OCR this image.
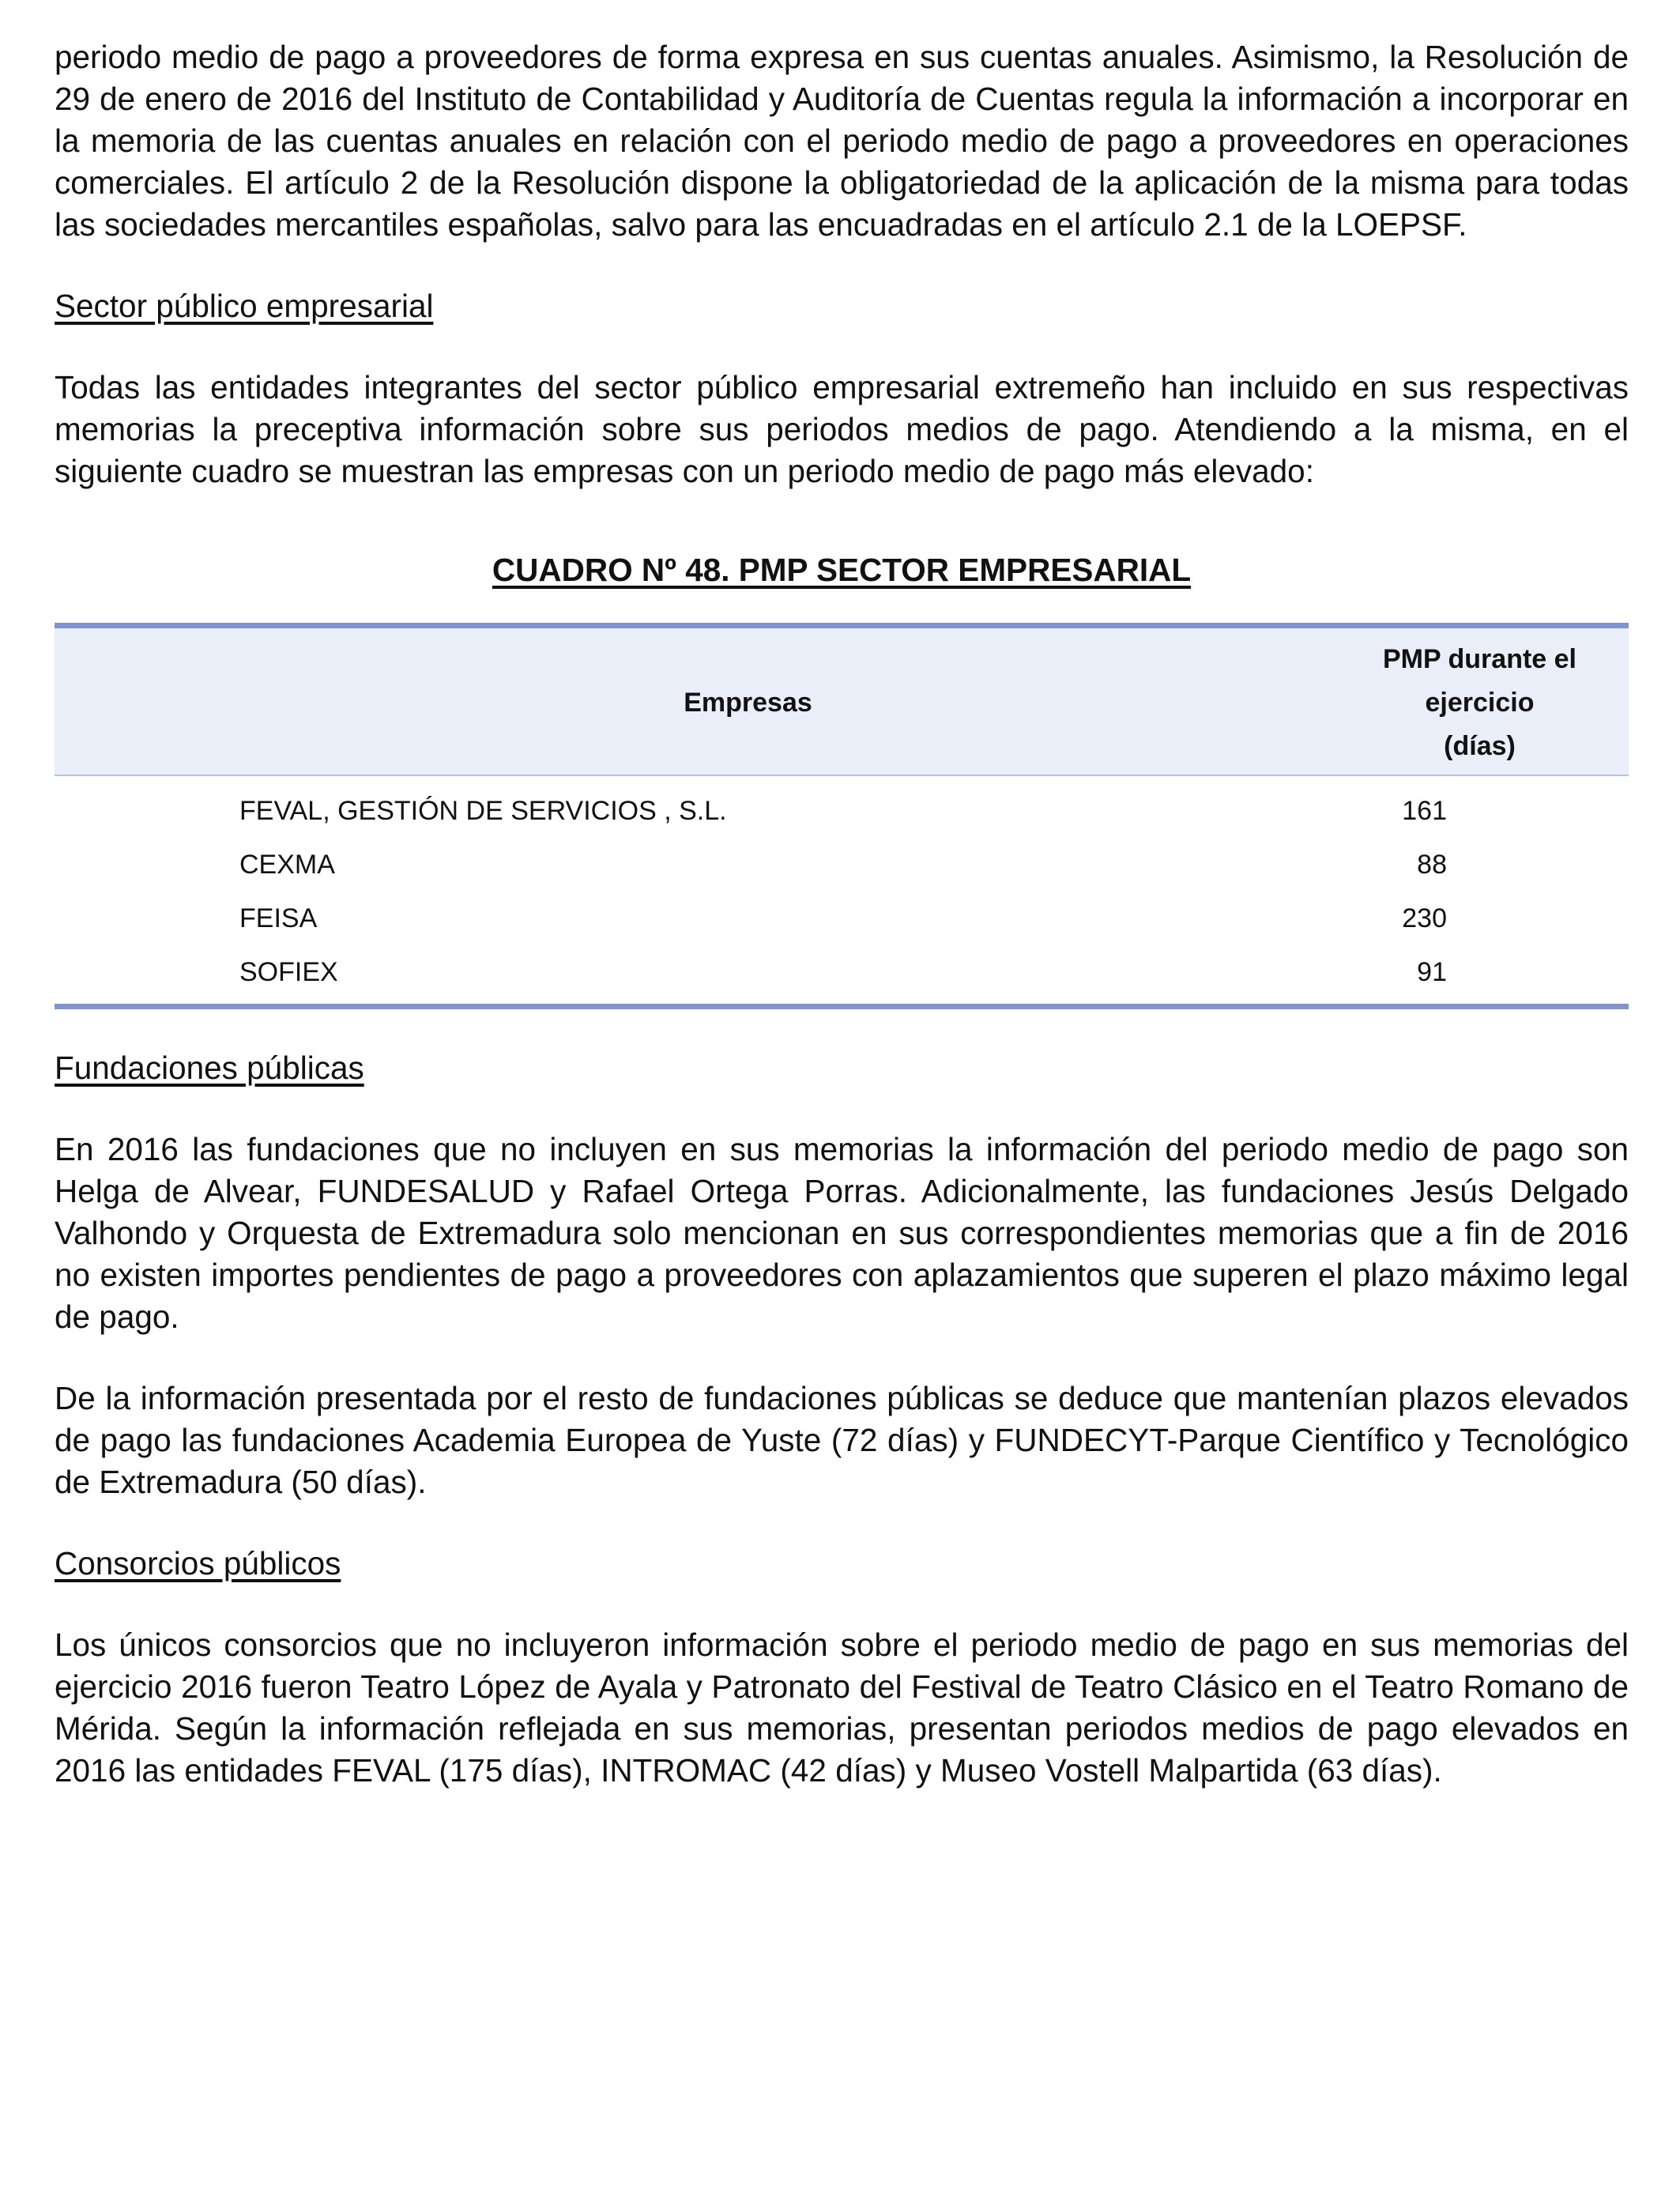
periodo medio de pago a proveedores de forma expresa en sus cuentas anuales. Asimismo, la Resolución de 29 de enero de 2016 del Instituto de Contabilidad y Auditoría de Cuentas regula la información a incorporar en la memoria de las cuentas anuales en relación con el periodo medio de pago a proveedores en operaciones comerciales. El artículo 2 de la Resolución dispone la obligatoriedad de la aplicación de la misma para todas las sociedades mercantiles españolas, salvo para las encuadradas en el artículo 2.1 de la LOEPSF.

Sector público empresarial

Todas las entidades integrantes del sector público empresarial extremeño han incluido en sus respectivas memorias la preceptiva información sobre sus periodos medios de pago. Atendiendo a la misma, en el siguiente cuadro se muestran las empresas con un periodo medio de pago más elevado:

CUADRO Nº 48. PMP SECTOR EMPRESARIAL

Empresas	PMP durante el ejercicio
(días)

FEVAL, GESTIÓN DE SERVICIOS , S.L.	161
CEXMA	88
FEISA	230
SOFIEX	91

Fundaciones públicas

En 2016 las fundaciones que no incluyen en sus memorias la información del periodo medio de pago son Helga de Alvear, FUNDESALUD y Rafael Ortega Porras. Adicionalmente, las fundaciones Jesús Delgado Valhondo y Orquesta de Extremadura solo mencionan en sus correspondientes memorias que a fin de 2016 no existen importes pendientes de pago a proveedores con aplazamientos que superen el plazo máximo legal de pago.

De la información presentada por el resto de fundaciones públicas se deduce que mantenían plazos elevados de pago las fundaciones Academia Europea de Yuste (72 días) y FUNDECYT-Parque Científico y Tecnológico de Extremadura (50 días).

Consorcios públicos

Los únicos consorcios que no incluyeron información sobre el periodo medio de pago en sus memorias del ejercicio 2016 fueron Teatro López de Ayala y Patronato del Festival de Teatro Clásico en el Teatro Romano de Mérida. Según la información reflejada en sus memorias, presentan periodos medios de pago elevados en 2016 las entidades FEVAL (175 días), INTROMAC (42 días) y Museo Vostell Malpartida (63 días).
